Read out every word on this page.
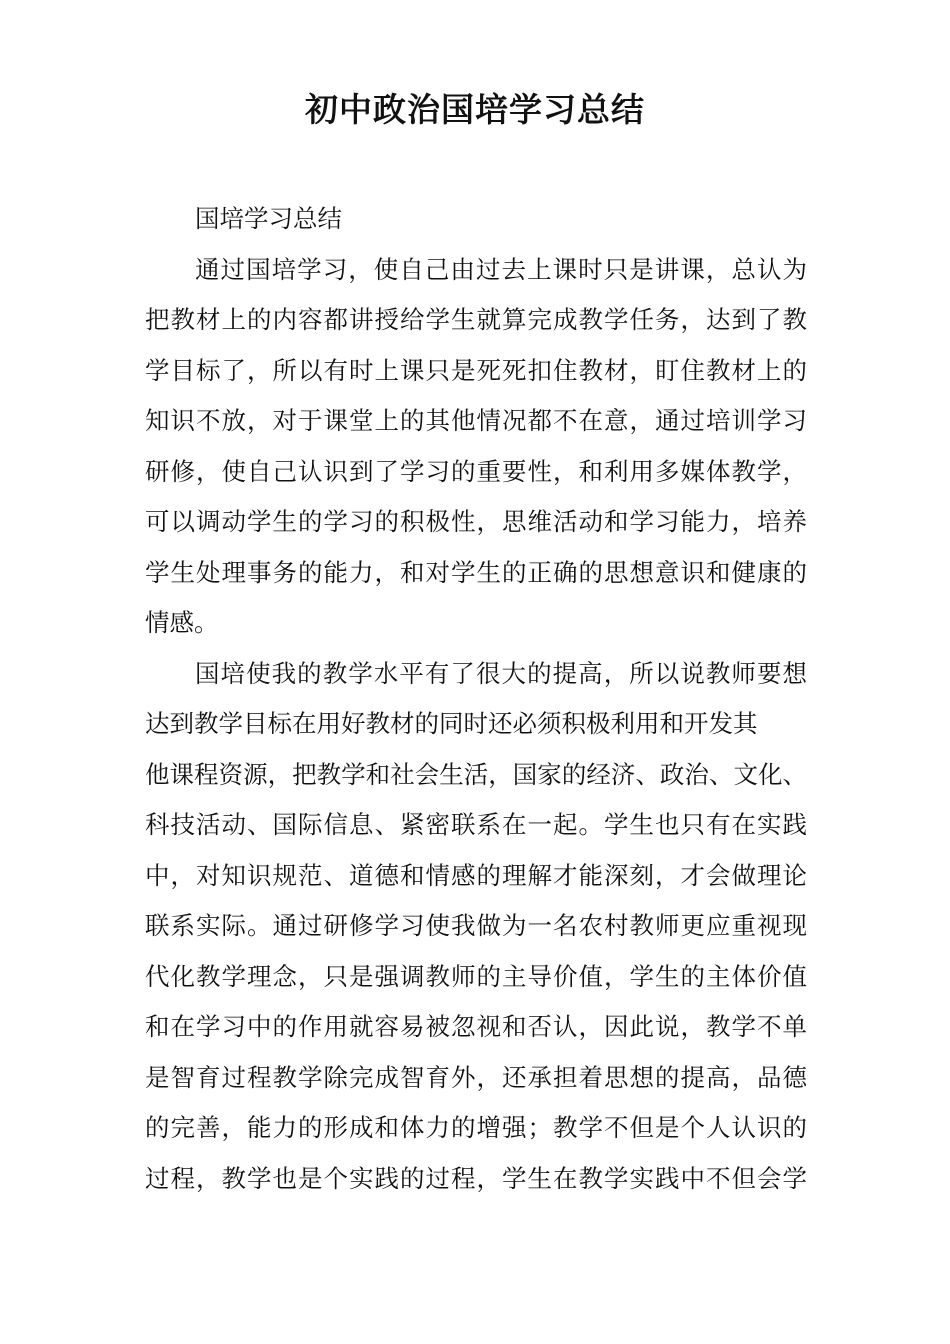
初中政治国培学习总结
国培学习总结
通过国培学习，使自己由过去上课时只是讲课，总认为
把教材上的内容都讲授给学生就算完成教学任务，达到了教
学目标了，所以有时上课只是死死扣住教材，盯住教材上的
知识不放，对于课堂上的其他情况都不在意，通过培训学习
研修，使自己认识到了学习的重要性，和利用多媒体教学，
可以调动学生的学习的积极性，思维活动和学习能力，培养
学生处理事务的能力，和对学生的正确的思想意识和健康的
情感。
国培使我的教学水平有了很大的提高，所以说教师要想
达到教学目标在用好教材的同时还必须积极利用和开发其
他课程资源，把教学和社会生活，国家的经济、政治、文化、
科技活动、国际信息、紧密联系在一起。学生也只有在实践
中，对知识规范、道德和情感的理解才能深刻，才会做理论
联系实际。通过研修学习使我做为一名农村教师更应重视现
代化教学理念，只是强调教师的主导价值，学生的主体价值
和在学习中的作用就容易被忽视和否认，因此说，教学不单
是智育过程教学除完成智育外，还承担着思想的提高，品德
的完善，能力的形成和体力的增强；教学不但是个人认识的
过程，教学也是个实践的过程，学生在教学实践中不但会学
